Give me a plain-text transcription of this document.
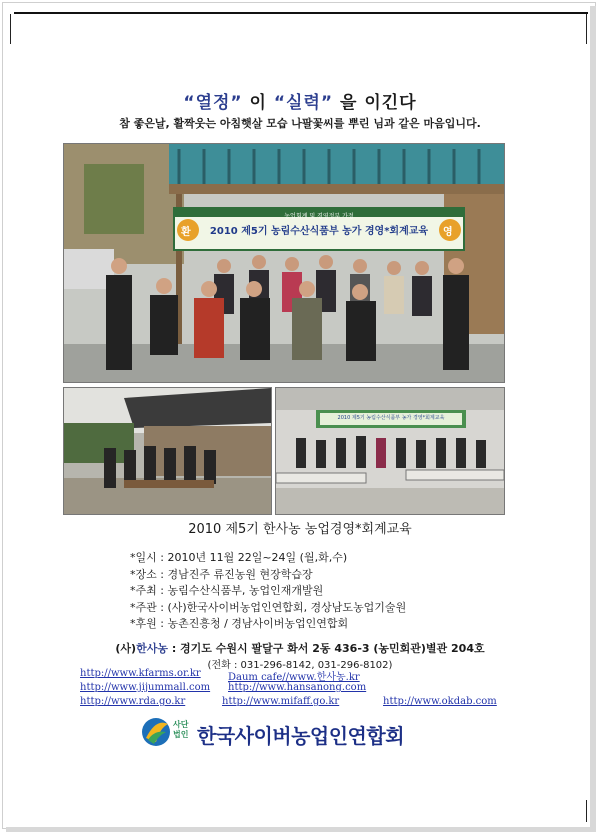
“열정” 이 “실력” 을 이긴다
참 좋은날, 활짝웃는 아침햇살 모습 나팔꽃씨를 뿌린 님과 같은 마음입니다.
농업회계 및 경영정부 가정
2010 제5기 농림수산식품부 농가 경영*회계교육
환	영
2010 제5기 농림수산식품부 농가 경영*회계교육
2010 제5기 한사농 농업경영*회계교육
*일시 : 2010년 11월 22일~24일 (월,화,수)
*장소 : 경남진주 류진농원 현장학습장
*주최 : 농림수산식품부, 농업인재개발원
*주관 : (사)한국사이버농업인연합회, 경상남도농업기술원
*후원 : 농촌진흥청 / 경남사이버농업인연합회
(사)한사농 : 경기도 수원시 팔달구 화서 2동 436-3 (농민회관)별관 204호
(전화 : 031-296-8142, 031-296-8102)
http://www.kfarms.or.kr	Daum cafe//www.한사농.kr
http://www.jijummall.com http://www.hansanong.com
http://www.rda.go.kr	http://www.mifaff.go.kr	http://www.okdab.com
사단 법인 한국사이버농업인연합회
